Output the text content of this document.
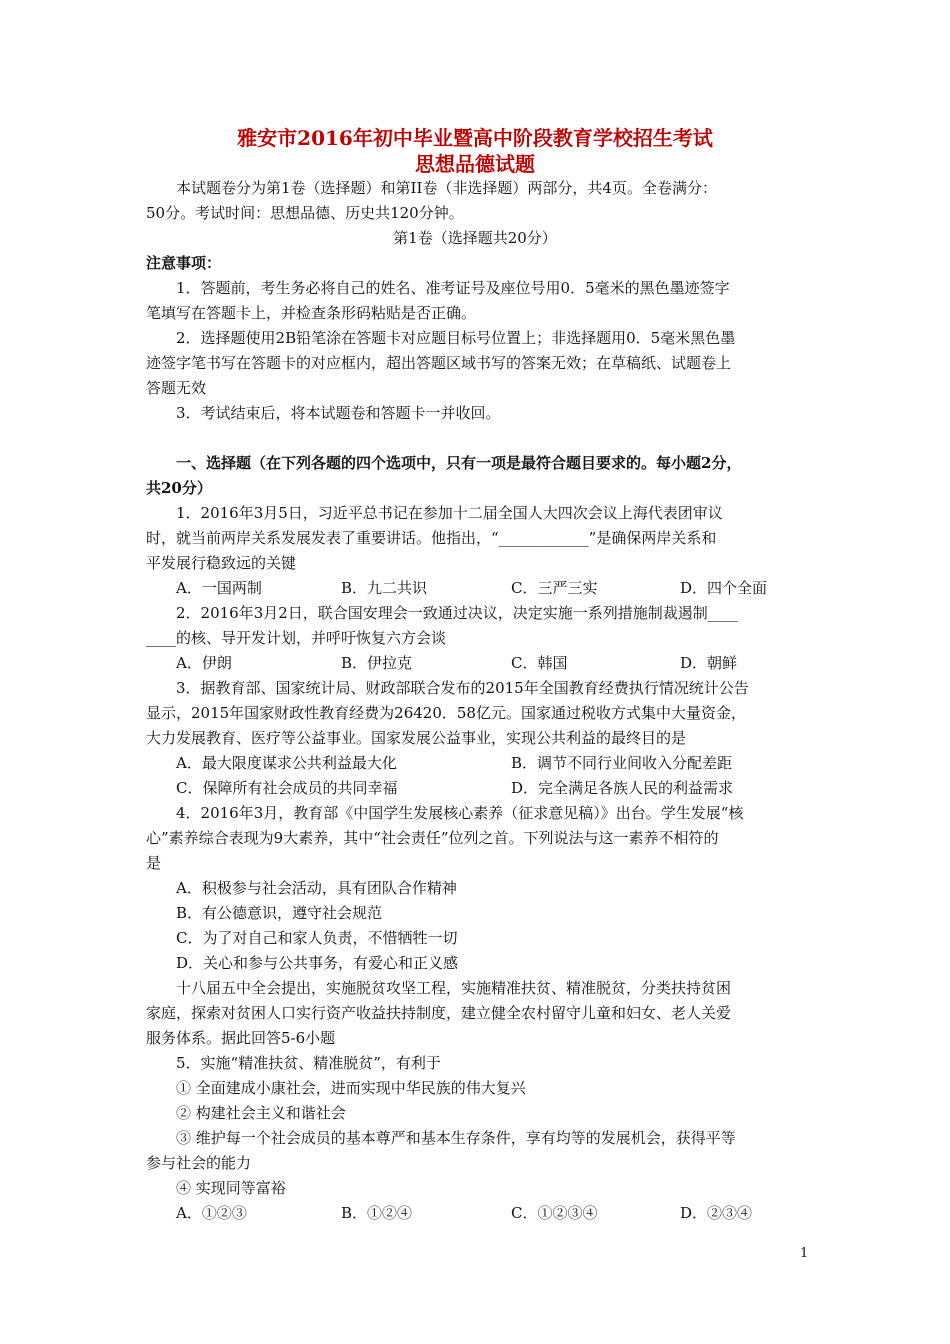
雅安市2016年初中毕业暨高中阶段教育学校招生考试
思想品德试题
本试题卷分为第1卷（选择题）和第II卷（非选择题）两部分，共4页。全卷满分：
50分。考试时间：思想品德、历史共120分钟。
第1卷（选择题共20分）
注意事项：
1．答题前，考生务必将自己的姓名、准考证号及座位号用0．5毫米的黑色墨迹签字
笔填写在答题卡上，并检查条形码粘贴是否正确。
2．选择题使用2B铅笔涂在答题卡对应题目标号位置上；非选择题用0．5毫米黑色墨
迹签字笔书写在答题卡的对应框内，超出答题区域书写的答案无效；在草稿纸、试题卷上
答题无效
3．考试结束后，将本试题卷和答题卡一并收回。
一、选择题（在下列各题的四个选项中，只有一项是最符合题目要求的。每小题2分，
共20分）
1．2016年3月5日，习近平总书记在参加十二届全国人大四次会议上海代表团审议
时，就当前两岸关系发展发表了重要讲话。他指出，“____________”是确保两岸关系和
平发展行稳致远的关键
A．一国两制	B．九二共识	C．三严三实	D．四个全面
2．2016年3月2日，联合国安理会一致通过决议，决定实施一系列措施制裁遏制____
____的核、导开发计划，并呼吁恢复六方会谈
A．伊朗	B．伊拉克	C．韩国	D．朝鲜
3．据教育部、国家统计局、财政部联合发布的2015年全国教育经费执行情况统计公告
显示，2015年国家财政性教育经费为26420．58亿元。国家通过税收方式集中大量资金，
大力发展教育、医疗等公益事业。国家发展公益事业，实现公共利益的最终目的是
A．最大限度谋求公共利益最大化	B．调节不同行业间收入分配差距
C．保障所有社会成员的共同幸福	D．完全满足各族人民的利益需求
4．2016年3月，教育部《中国学生发展核心素养（征求意见稿）》出台。学生发展“核
心”素养综合表现为9大素养，其中“社会责任”位列之首。下列说法与这一素养不相符的
是
A．积极参与社会活动，具有团队合作精神
B．有公德意识，遵守社会规范
C．为了对自己和家人负责，不惜牺牲一切
D．关心和参与公共事务，有爱心和正义感
十八届五中全会提出，实施脱贫攻坚工程，实施精准扶贫、精准脱贫，分类扶持贫困
家庭，探索对贫困人口实行资产收益扶持制度，建立健全农村留守儿童和妇女、老人关爱
服务体系。据此回答5-6小题
5．实施“精准扶贫、精准脱贫”，有利于
① 全面建成小康社会，进而实现中华民族的伟大复兴
② 构建社会主义和谐社会
③ 维护每一个社会成员的基本尊严和基本生存条件，享有均等的发展机会，获得平等
参与社会的能力
④ 实现同等富裕
A．①②③	B．①②④	C．①②③④	D．②③④
1
